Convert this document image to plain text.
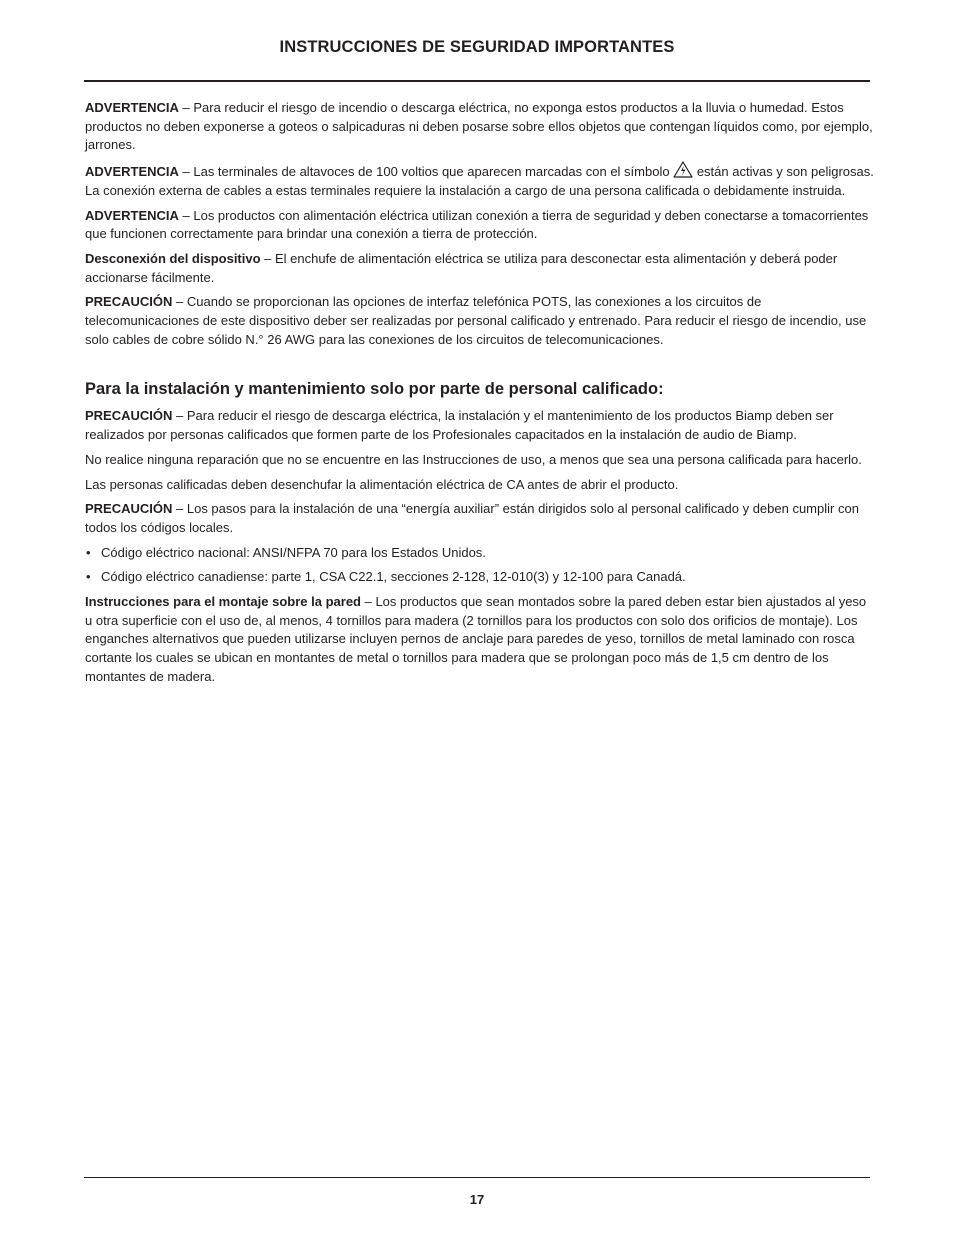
INSTRUCCIONES DE SEGURIDAD IMPORTANTES

ADVERTENCIA – Para reducir el riesgo de incendio o descarga eléctrica, no exponga estos productos a la lluvia o humedad. Estos productos no deben exponerse a goteos o salpicaduras ni deben posarse sobre ellos objetos que contengan líquidos como, por ejemplo, jarrones.

ADVERTENCIA – Las terminales de altavoces de 100 voltios que aparecen marcadas con el símbolo  están activas y son peligrosas. La conexión externa de cables a estas terminales requiere la instalación a cargo de una persona calificada o debidamente instruida.

ADVERTENCIA – Los productos con alimentación eléctrica utilizan conexión a tierra de seguridad y deben conectarse a tomacorrientes que funcionen correctamente para brindar una conexión a tierra de protección.

Desconexión del dispositivo – El enchufe de alimentación eléctrica se utiliza para desconectar esta alimentación y deberá poder accionarse fácilmente.

PRECAUCIÓN – Cuando se proporcionan las opciones de interfaz telefónica POTS, las conexiones a los circuitos de telecomunicaciones de este dispositivo deber ser realizadas por personal calificado y entrenado. Para reducir el riesgo de incendio, use solo cables de cobre sólido N.° 26 AWG para las conexiones de los circuitos de telecomunicaciones.

Para la instalación y mantenimiento solo por parte de personal calificado:

PRECAUCIÓN – Para reducir el riesgo de descarga eléctrica, la instalación y el mantenimiento de los productos Biamp deben ser realizados por personas calificados que formen parte de los Profesionales capacitados en la instalación de audio de Biamp.

No realice ninguna reparación que no se encuentre en las Instrucciones de uso, a menos que sea una persona calificada para hacerlo.

Las personas calificadas deben desenchufar la alimentación eléctrica de CA antes de abrir el producto.

PRECAUCIÓN – Los pasos para la instalación de una “energía auxiliar” están dirigidos solo al personal calificado y deben cumplir con todos los códigos locales.

• Código eléctrico nacional: ANSI/NFPA 70 para los Estados Unidos.
• Código eléctrico canadiense: parte 1, CSA C22.1, secciones 2-128, 12-010(3) y 12-100 para Canadá.

Instrucciones para el montaje sobre la pared – Los productos que sean montados sobre la pared deben estar bien ajustados al yeso u otra superficie con el uso de, al menos, 4 tornillos para madera (2 tornillos para los productos con solo dos orificios de montaje). Los enganches alternativos que pueden utilizarse incluyen pernos de anclaje para paredes de yeso, tornillos de metal laminado con rosca cortante los cuales se ubican en montantes de metal o tornillos para madera que se prolongan poco más de 1,5 cm dentro de los montantes de madera.

17
